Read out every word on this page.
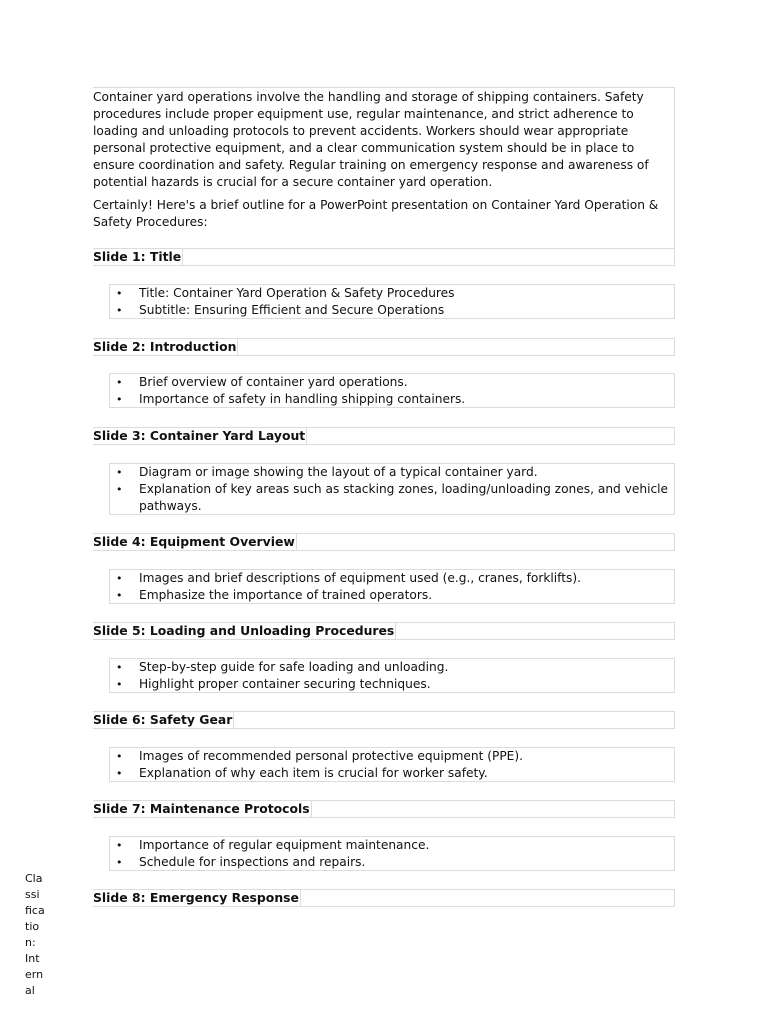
Container yard operations involve the handling and storage of shipping containers. Safety procedures include proper equipment use, regular maintenance, and strict adherence to loading and unloading protocols to prevent accidents. Workers should wear appropriate personal protective equipment, and a clear communication system should be in place to ensure coordination and safety. Regular training on emergency response and awareness of potential hazards is crucial for a secure container yard operation.

Certainly! Here's a brief outline for a PowerPoint presentation on Container Yard Operation & Safety Procedures:

Slide 1: Title
• Title: Container Yard Operation & Safety Procedures
• Subtitle: Ensuring Efficient and Secure Operations
Slide 2: Introduction
• Brief overview of container yard operations.
• Importance of safety in handling shipping containers.
Slide 3: Container Yard Layout
• Diagram or image showing the layout of a typical container yard.
• Explanation of key areas such as stacking zones, loading/unloading zones, and vehicle pathways.
Slide 4: Equipment Overview
• Images and brief descriptions of equipment used (e.g., cranes, forklifts).
• Emphasize the importance of trained operators.
Slide 5: Loading and Unloading Procedures
• Step-by-step guide for safe loading and unloading.
• Highlight proper container securing techniques.
Slide 6: Safety Gear
• Images of recommended personal protective equipment (PPE).
• Explanation of why each item is crucial for worker safety.
Slide 7: Maintenance Protocols
• Importance of regular equipment maintenance.
• Schedule for inspections and repairs.
Slide 8: Emergency Response
Cla
ssi
fica
tio
n:
Int
ern
al
